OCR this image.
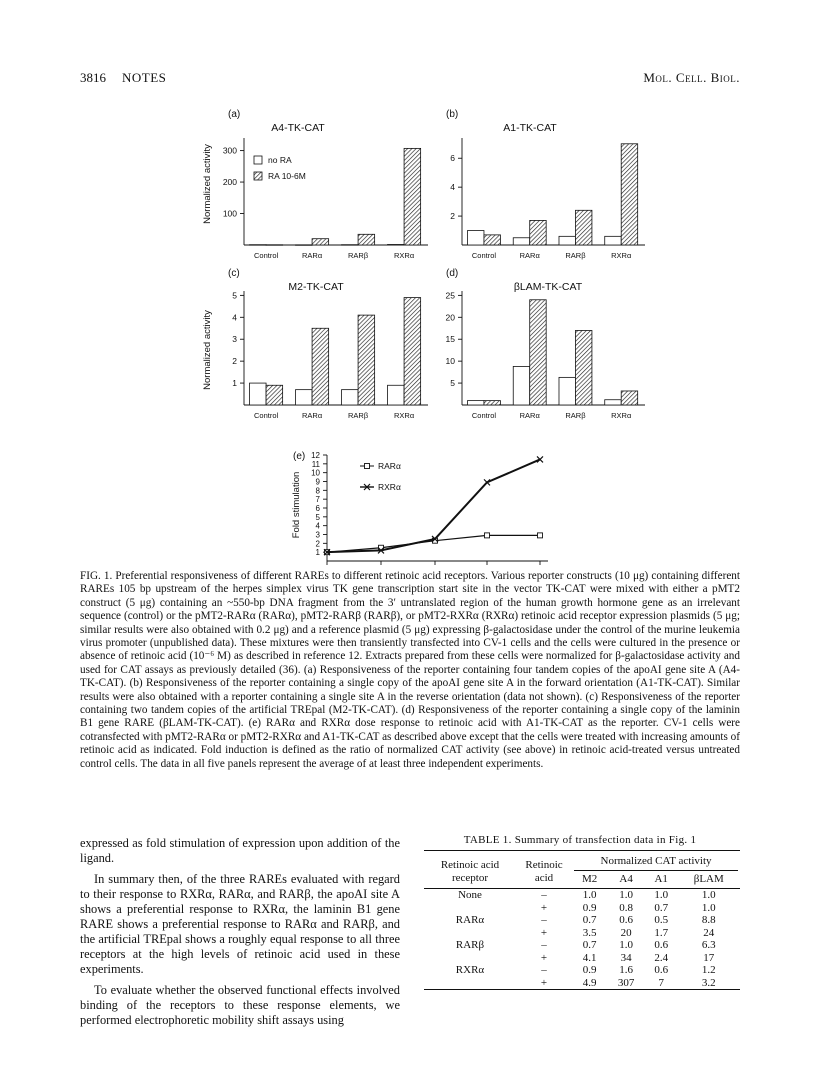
3816 NOTES	Mol. Cell. Biol.
(a)
A4-TK-CAT
Normalized activity 100
200
300
Control	RARα	RARβ	RXRα
no RA
RA 10-6M
(b)
A1-TK-CAT
2
4
6
Control	RARα	RARβ	RXRα
(c)
M2-TK-CAT
Normalized activity 1
2
3
4
5
Control	RARα	RARβ	RXRα
(d)
βLAM-TK-CAT
5
10
15
20
25
Control	RARα	RARβ	RXRα
(e)
Fold stimulation
1
2
3
4
5
6
7
8
9
10
11
12
RARα
RXRα
FIG. 1. Preferential responsiveness of different RAREs to different retinoic acid receptors. Various reporter constructs (10 μg) containing different RAREs 105 bp upstream of the herpes simplex virus TK gene transcription start site in the vector TK-CAT were mixed with either a pMT2 construct (5 μg) containing an ~550-bp DNA fragment from the 3′ untranslated region of the human growth hormone gene as an irrelevant sequence (control) or the pMT2-RARα (RARα), pMT2-RARβ (RARβ), or pMT2-RXRα (RXRα) retinoic acid receptor expression plasmids (5 μg; similar results were also obtained with 0.2 μg) and a reference plasmid (5 μg) expressing β-galactosidase under the control of the murine leukemia virus promoter (unpublished data). These mixtures were then transiently transfected into CV-1 cells and the cells were cultured in the presence or absence of retinoic acid (10⁻⁶ M) as described in reference 12. Extracts prepared from these cells were normalized for β-galactosidase activity and used for CAT assays as previously detailed (36). (a) Responsiveness of the reporter containing four tandem copies of the apoAI gene site A (A4-TK-CAT). (b) Responsiveness of the reporter containing a single copy of the apoAI gene site A in the forward orientation (A1-TK-CAT). Similar results were also obtained with a reporter containing a single site A in the reverse orientation (data not shown). (c) Responsiveness of the reporter containing two tandem copies of the artificial TREpal (M2-TK-CAT). (d) Responsiveness of the reporter containing a single copy of the laminin B1 gene RARE (βLAM-TK-CAT). (e) RARα and RXRα dose response to retinoic acid with A1-TK-CAT as the reporter. CV-1 cells were cotransfected with pMT2-RARα or pMT2-RXRα and A1-TK-CAT as described above except that the cells were treated with increasing amounts of retinoic acid as indicated. Fold induction is defined as the ratio of normalized CAT activity (see above) in retinoic acid-treated versus untreated control cells. The data in all five panels represent the average of at least three independent experiments.

expressed as fold stimulation of expression upon addition of the ligand.

In summary then, of the three RAREs evaluated with regard to their response to RXRα, RARα, and RARβ, the apoAI site A shows a preferential response to RXRα, the laminin B1 gene RARE shows a preferential response to RARα and RARβ, and the artificial TREpal shows a roughly equal response to all three receptors at the high levels of retinoic acid used in these experiments.

To evaluate whether the observed functional effects involved binding of the receptors to these response elements, we performed electrophoretic mobility shift assays using

TABLE 1. Summary of transfection data in Fig. 1
Retinoic acid receptor	Retinoic acid	Normalized CAT activity			

		M2	A4	A1	βLAM
None	–	1.0	1.0	1.0	1.0
	+	0.9	0.8	0.7	1.0
RARα	–	0.7	0.6	0.5	8.8
	+	3.5	20	1.7	24
RARβ	–	0.7	1.0	0.6	6.3
	+	4.1	34	2.4	17
RXRα	–	0.9	1.6	0.6	1.2
	+	4.9	307	7	3.2
